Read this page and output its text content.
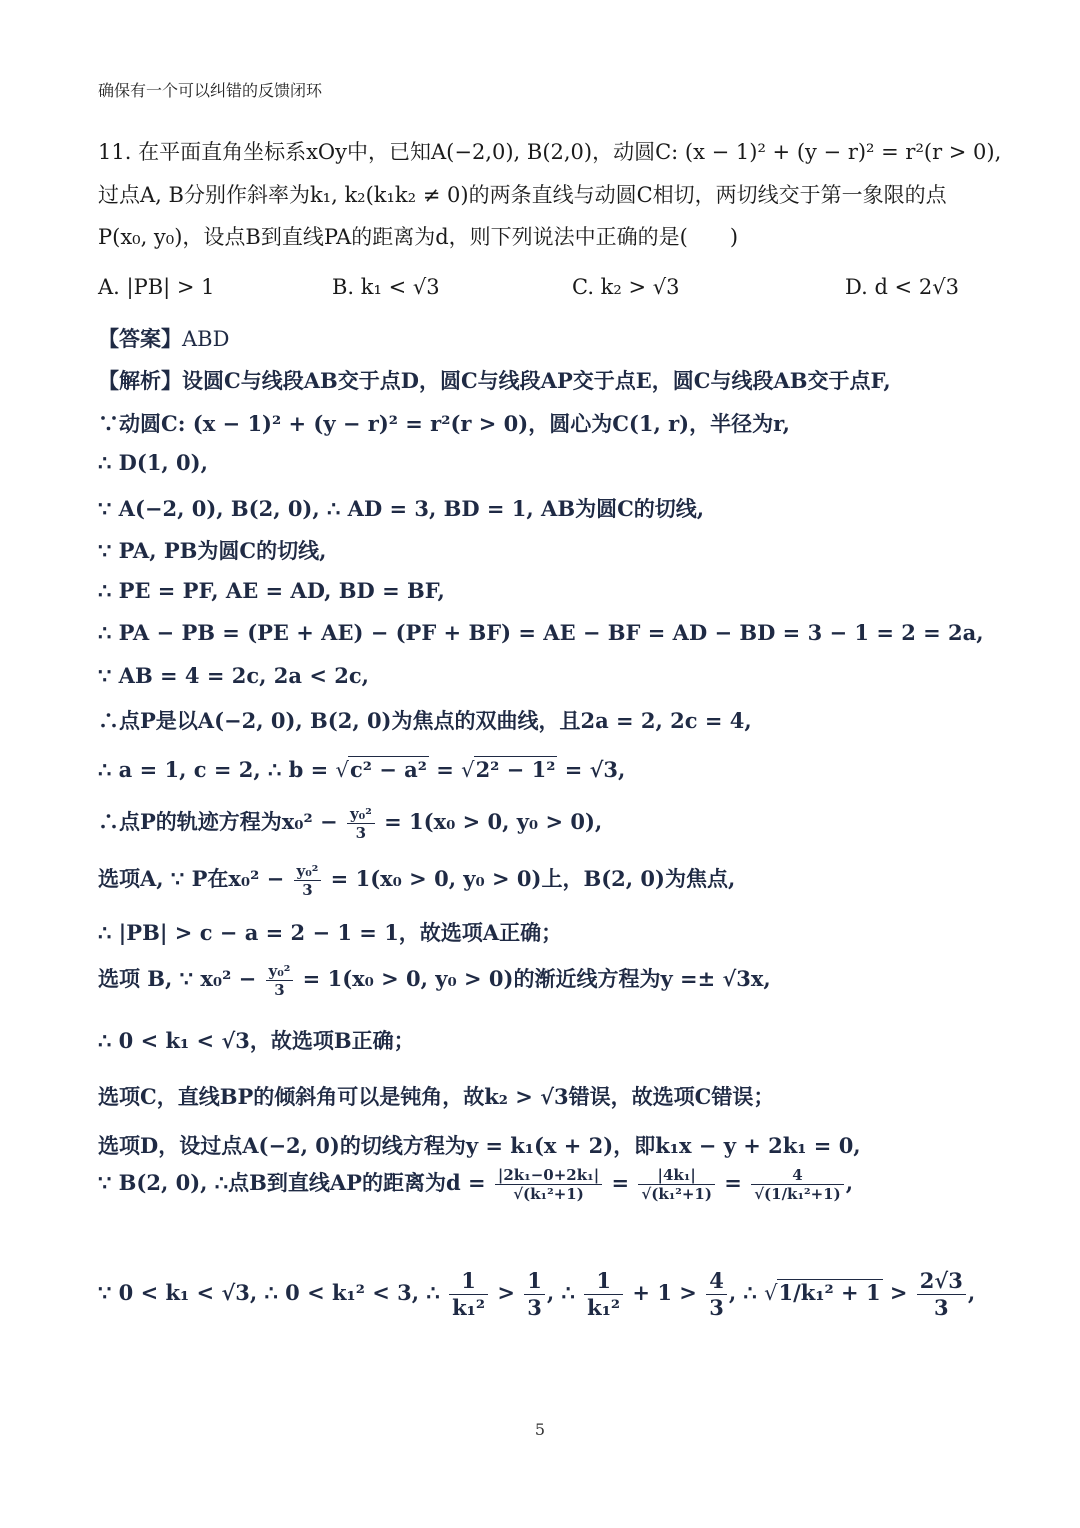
确保有一个可以纠错的反馈闭环
11. 在平面直角坐标系xOy中，已知A(−2,0), B(2,0)，动圆C: (x − 1)² + (y − r)² = r²(r > 0),
过点A, B分别作斜率为k₁, k₂(k₁k₂ ≠ 0)的两条直线与动圆C相切，两切线交于第一象限的点
P(x₀, y₀)，设点B到直线PA的距离为d，则下列说法中正确的是(　　)
A. |PB| > 1	B. k₁ < √3	C. k₂ > √3	D. d < 2√3
【答案】ABD
【解析】设圆C与线段AB交于点D，圆C与线段AP交于点E，圆C与线段AB交于点F,
∵动圆C: (x − 1)² + (y − r)² = r²(r > 0)，圆心为C(1, r)，半径为r,
∴ D(1, 0),
∵ A(−2, 0), B(2, 0), ∴ AD = 3, BD = 1, AB为圆C的切线,
∵ PA, PB为圆C的切线,
∴ PE = PF, AE = AD, BD = BF,
∴ PA − PB = (PE + AE) − (PF + BF) = AE − BF = AD − BD = 3 − 1 = 2 = 2a,
∵ AB = 4 = 2c, 2a < 2c,
∴点P是以A(−2, 0), B(2, 0)为焦点的双曲线，且2a = 2, 2c = 4,
∴ a = 1, c = 2, ∴ b = √c² − a² = √2² − 1² = √3,
∴点P的轨迹方程为$x_0^2 - \frac{\text{y₀²}}{3} = 1(x_0 > 0$, y₀ > 0),
选项A, ∵ P在$x_0^2 - \frac{\text{y₀²}}{3} = 1(x_0 > 0$, y₀ > 0)上，B(2, 0)为焦点,
∴ |PB| > c − a = 2 − 1 = 1，故选项A正确；
选项 B, ∵ $x_0^2 - \frac{\text{y₀²}}{3} = 1(x_0 > 0$, y₀ > 0)的渐近线方程为y =± √3x,
∴ 0 < k₁ < √3，故选项B正确；
选项C，直线BP的倾斜角可以是钝角，故k₂ > √3错误，故选项C错误；
选项D，设过点A(−2, 0)的切线方程为y = k₁(x + 2)，即k₁x − y + 2k₁ = 0,
∵ B(2, 0), ∴点B到直线AP的距离为$d = \frac{\text{|2k₁−0+2k₁|}}{\text{√(k₁²+1)}} = \frac{\text{|4k₁|}}{\text{√(k₁²+1)}} = \frac{4}{\text{√(1/k₁²+1)}}$ ,
∵ 0 < k₁ < √3, ∴ 0 < k₁² < 3, ∴ $\frac{1}{\text{k₁²}} > \frac{1}{3}$ , ∴ $\frac{1}{\text{k₁²}} + 1 > \frac{4}{3}$ , ∴ $√1/k_1^2 + 1 > \frac{2√3}{3}$ ,
5
